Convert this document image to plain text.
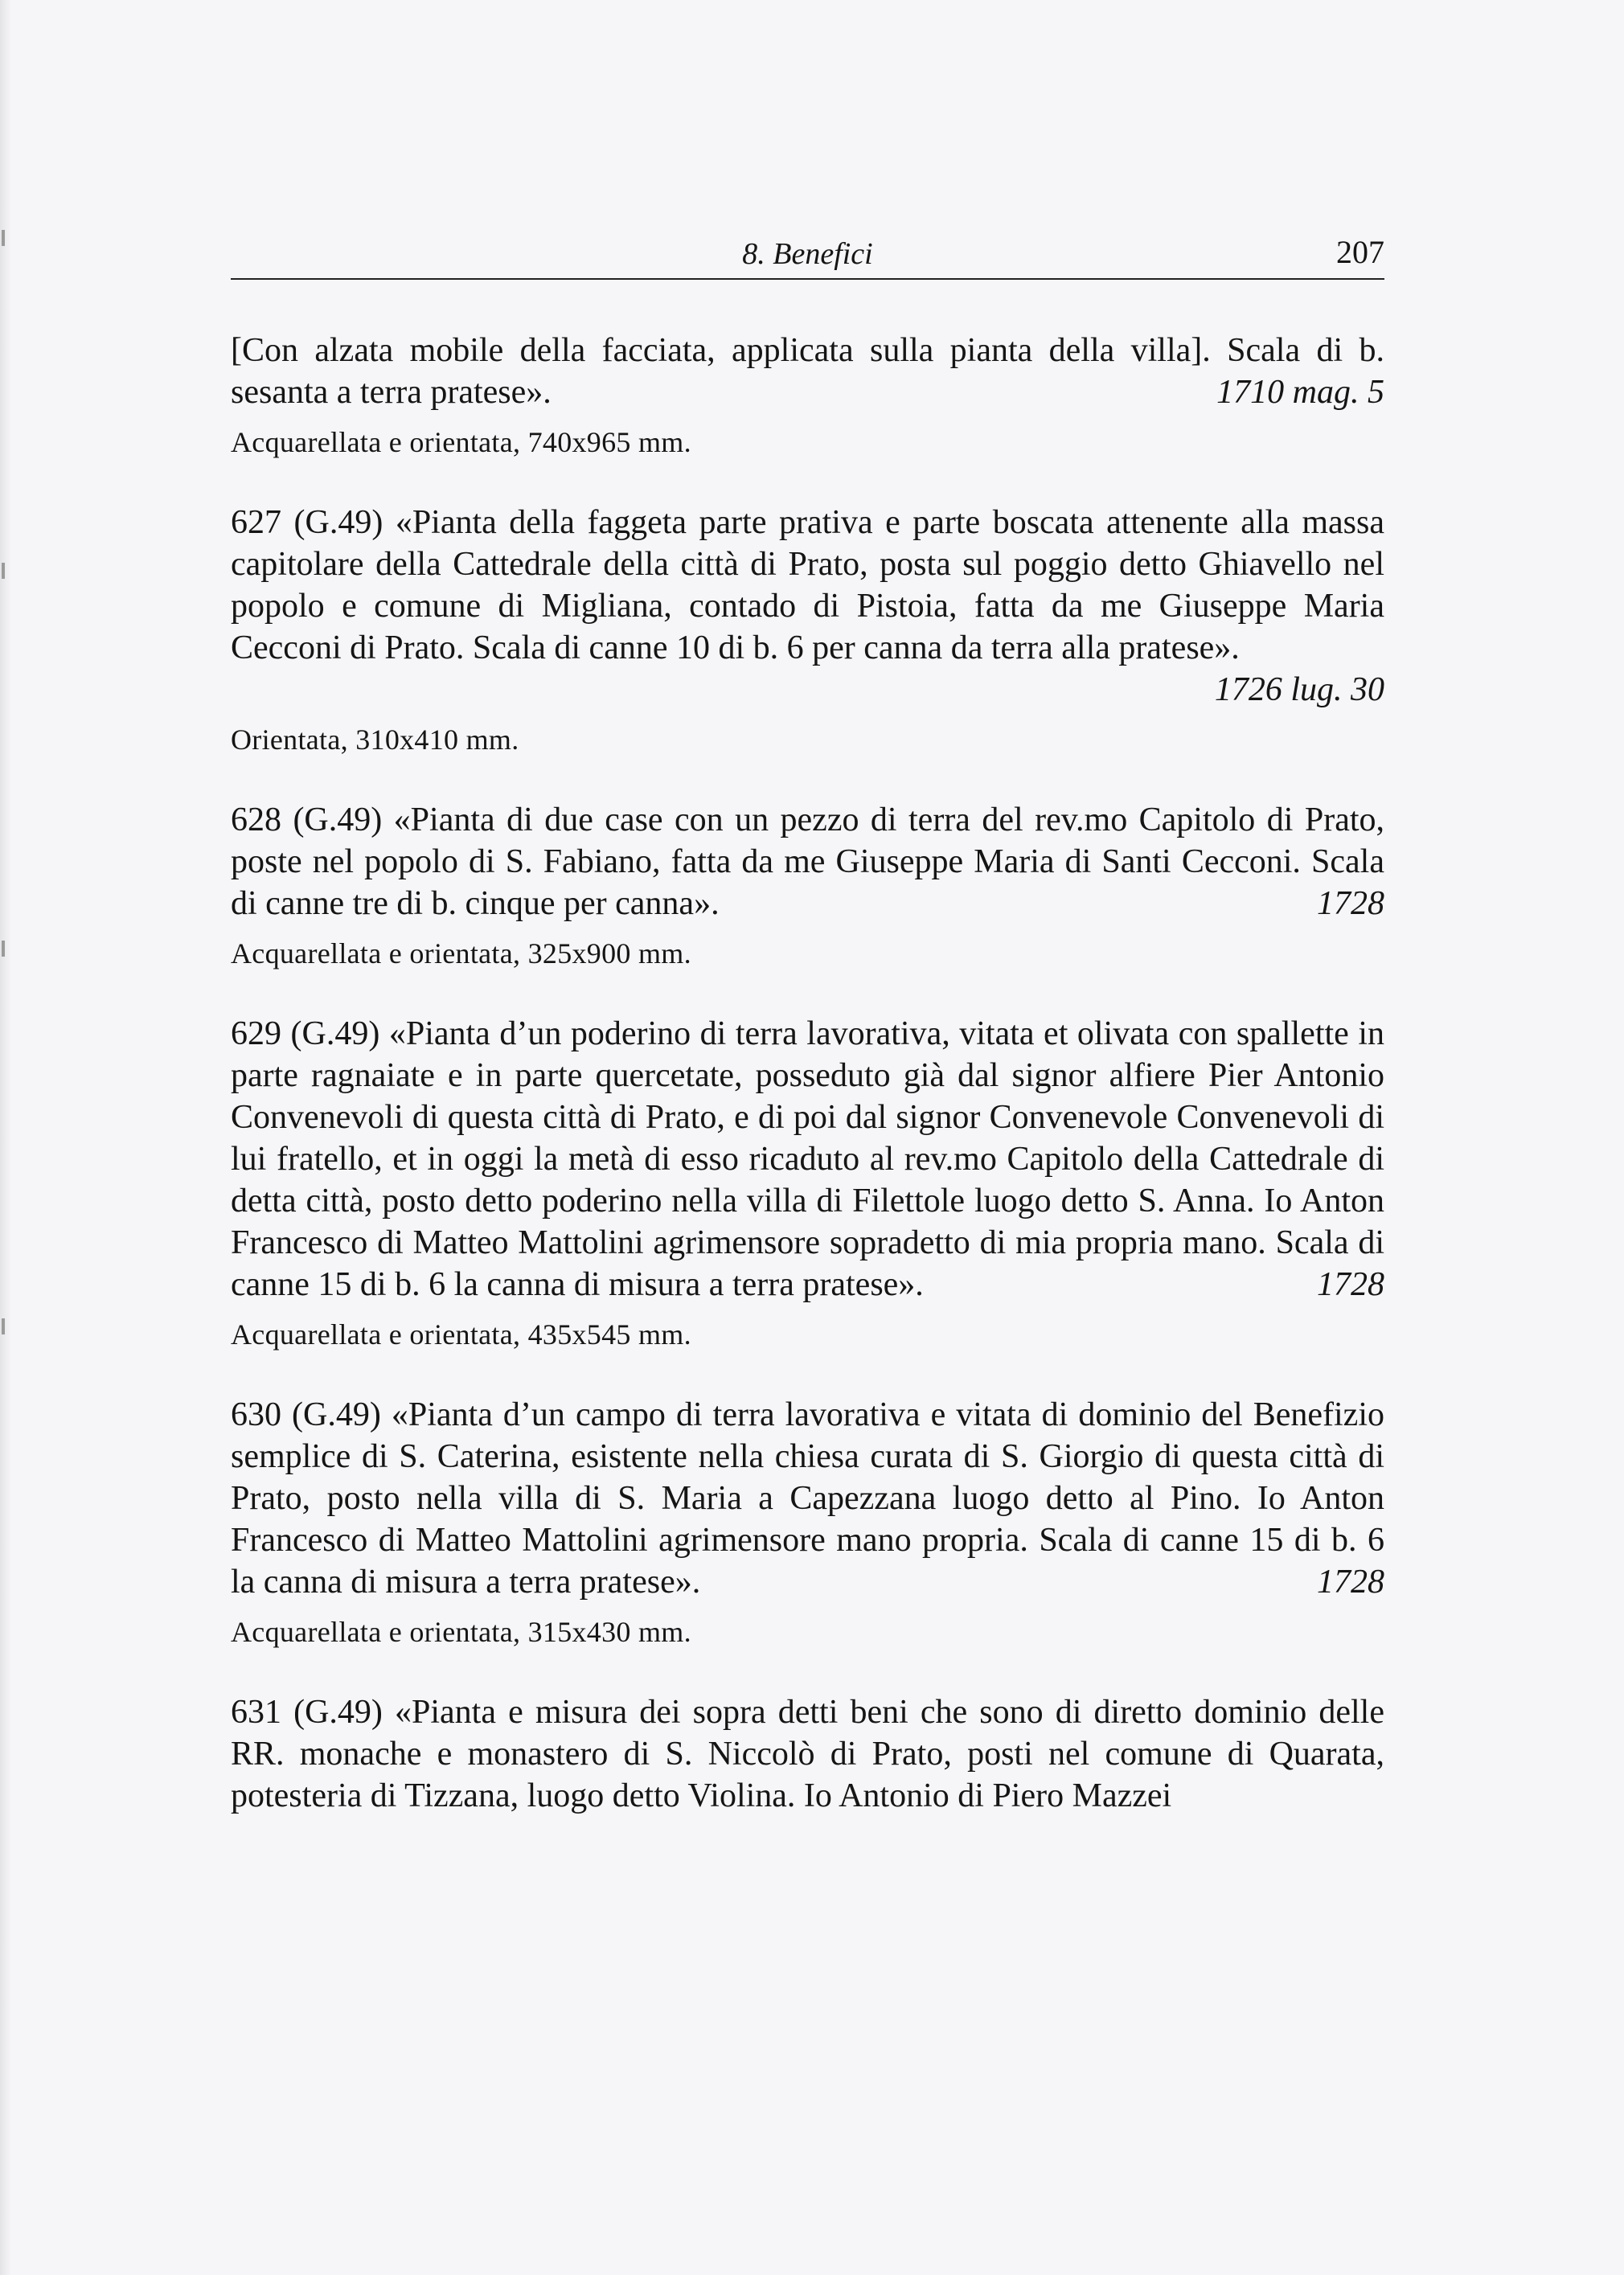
8. Benefici	207
[Con alzata mobile della facciata, applicata sulla pianta della villa]. Scala di b. sesanta a terra pratese».	1710 mag. 5
Acquarellata e orientata, 740x965 mm.
627 (G.49) «Pianta della faggeta parte prativa e parte boscata attenente alla massa capitolare della Cattedrale della città di Prato, posta sul poggio detto Ghiavello nel popolo e comune di Migliana, contado di Pistoia, fatta da me Giuseppe Maria Cecconi di Prato. Scala di canne 10 di b. 6 per canna da terra alla pratese».
1726 lug. 30
Orientata, 310x410 mm.
628 (G.49) «Pianta di due case con un pezzo di terra del rev.mo Capitolo di Prato, poste nel popolo di S. Fabiano, fatta da me Giuseppe Maria di Santi Cecconi. Scala di canne tre di b. cinque per canna».	1728
Acquarellata e orientata, 325x900 mm.
629 (G.49) «Pianta d’un poderino di terra lavorativa, vitata et olivata con spallette in parte ragnaiate e in parte quercetate, posseduto già dal signor alfiere Pier Antonio Convenevoli di questa città di Prato, e di poi dal signor Convenevole Convenevoli di lui fratello, et in oggi la metà di esso ricaduto al rev.mo Capitolo della Cattedrale di detta città, posto detto poderino nella villa di Filettole luogo detto S. Anna. Io Anton Francesco di Matteo Mattolini agrimensore sopradetto di mia propria mano. Scala di canne 15 di b. 6 la canna di misura a terra pratese».	1728
Acquarellata e orientata, 435x545 mm.
630 (G.49) «Pianta d’un campo di terra lavorativa e vitata di dominio del Benefizio semplice di S. Caterina, esistente nella chiesa curata di S. Giorgio di questa città di Prato, posto nella villa di S. Maria a Capezzana luogo detto al Pino. Io Anton Francesco di Matteo Mattolini agrimensore mano propria. Scala di canne 15 di b. 6 la canna di misura a terra pratese».	1728
Acquarellata e orientata, 315x430 mm.
631 (G.49) «Pianta e misura dei sopra detti beni che sono di diretto dominio delle RR. monache e monastero di S. Niccolò di Prato, posti nel comune di Quarata, potesteria di Tizzana, luogo detto Violina. Io Antonio di Piero Mazzei
